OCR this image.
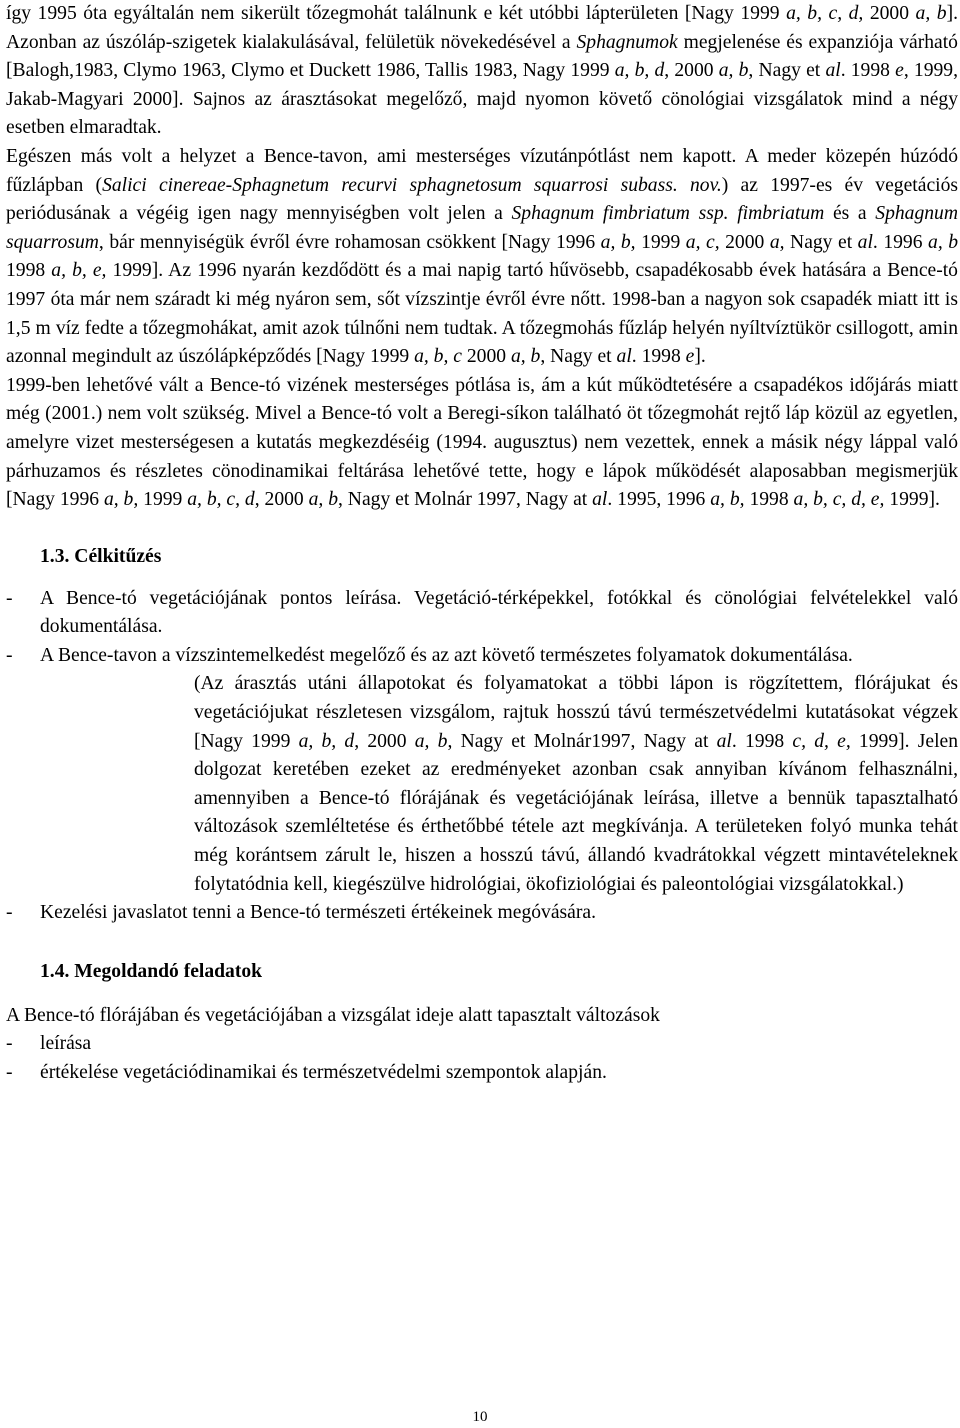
így 1995 óta egyáltalán nem sikerült tőzegmohát találnunk e két utóbbi lápterületen [Nagy 1999 a, b, c, d, 2000 a, b]. Azonban az úszóláp-szigetek kialakulásával, felületük növekedésével a Sphagnumok megjelenése és expanziója várható [Balogh,1983, Clymo 1963, Clymo et Duckett 1986, Tallis 1983, Nagy 1999 a, b, d, 2000 a, b, Nagy et al. 1998 e, 1999, Jakab-Magyari 2000]. Sajnos az árasztásokat megelőző, majd nyomon követő cönológiai vizsgálatok mind a négy esetben elmaradtak.

Egészen más volt a helyzet a Bence-tavon, ami mesterséges vízutánpótlást nem kapott. A meder közepén húzódó fűzlápban (Salici cinereae-Sphagnetum recurvi sphagnetosum squarrosi subass. nov.) az 1997-es év vegetációs periódusának a végéig igen nagy mennyiségben volt jelen a Sphagnum fimbriatum ssp. fimbriatum és a Sphagnum squarrosum, bár mennyiségük évről évre rohamosan csökkent [Nagy 1996 a, b, 1999 a, c, 2000 a, Nagy et al. 1996 a, b 1998 a, b, e, 1999]. Az 1996 nyarán kezdődött és a mai napig tartó hűvösebb, csapadékosabb évek hatására a Bence-tó 1997 óta már nem száradt ki még nyáron sem, sőt vízszintje évről évre nőtt. 1998-ban a nagyon sok csapadék miatt itt is 1,5 m víz fedte a tőzegmohákat, amit azok túlnőni nem tudtak. A tőzegmohás fűzláp helyén nyíltvíztükör csillogott, amin azonnal megindult az úszólápképződés [Nagy 1999 a, b, c 2000 a, b, Nagy et al. 1998 e].

1999-ben lehetővé vált a Bence-tó vizének mesterséges pótlása is, ám a kút működtetésére a csapadékos időjárás miatt még (2001.) nem volt szükség. Mivel a Bence-tó volt a Beregi-síkon található öt tőzegmohát rejtő láp közül az egyetlen, amelyre vizet mesterségesen a kutatás megkezdéséig (1994. augusztus) nem vezettek, ennek a másik négy láppal való párhuzamos és részletes cönodinamikai feltárása lehetővé tette, hogy e lápok működését alaposabban megismerjük [Nagy 1996 a, b, 1999 a, b, c, d, 2000 a, b, Nagy et Molnár 1997, Nagy at al. 1995, 1996 a, b, 1998 a, b, c, d, e, 1999].

1.3. Célkitűzés

-	A Bence-tó vegetációjának pontos leírása. Vegetáció-térképekkel, fotókkal és cönológiai felvételekkel való dokumentálása.
-	A Bence-tavon a vízszintemelkedést megelőző és az azt követő természetes folyamatok dokumentálása.

(Az árasztás utáni állapotokat és folyamatokat a többi lápon is rögzítettem, flórájukat és vegetációjukat részletesen vizsgálom, rajtuk hosszú távú természetvédelmi kutatásokat végzek [Nagy 1999 a, b, d, 2000 a, b, Nagy et Molnár1997, Nagy at al. 1998 c, d, e, 1999]. Jelen dolgozat keretében ezeket az eredményeket azonban csak annyiban kívánom felhasználni, amennyiben a Bence-tó flórájának és vegetációjának leírása, illetve a bennük tapasztalható változások szemléltetése és érthetőbbé tétele azt megkívánja. A területeken folyó munka tehát még korántsem zárult le, hiszen a hosszú távú, állandó kvadrátokkal végzett mintavételeknek folytatódnia kell, kiegészülve hidrológiai, ökofiziológiai és paleontológiai vizsgálatokkal.)

-	Kezelési javaslatot tenni a Bence-tó természeti értékeinek megóvására.

1.4. Megoldandó feladatok

A Bence-tó flórájában és vegetációjában a vizsgálat ideje alatt tapasztalt változások

-	leírása
-	értékelése vegetációdinamikai és természetvédelmi szempontok alapján.
10
